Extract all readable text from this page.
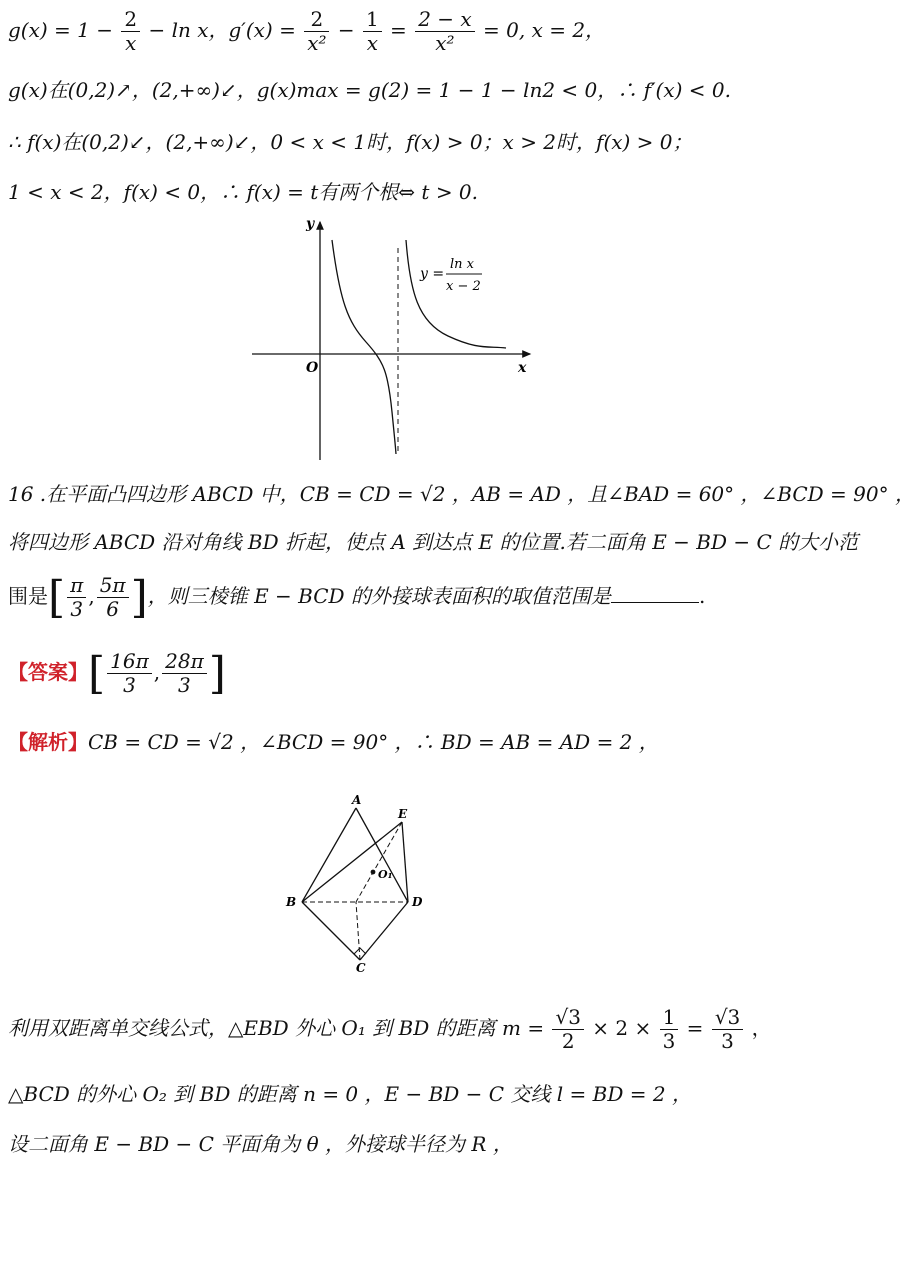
$g(x) = 1 - \frac{2}{x} - \ln x$，$g'(x) = \frac{2}{\text{x²}} - \frac{1}{x} = \frac{2 - x}{\text{x²}} = 0$, x = 2，
g(x)在(0,2)↗，(2,+∞)↙，g(x)max = g(2) = 1 − 1 − ln2 < 0，∴ f′(x) < 0.
∴ f(x)在(0,2)↙，(2,+∞)↙，0 < x < 1时，f(x) > 0；x > 2时，f(x) > 0；
1 < x < 2，f(x) < 0，∴ f(x) = t有两个根⇔ t > 0.
y
x
O
y =
ln x
x − 2
16 .在平面凸四边形 ABCD 中，CB = CD = √2 ，AB = AD ，且∠BAD = 60° ，∠BCD = 90° ，
将四边形 ABCD 沿对角线 BD 折起，使点 A 到达点 E 的位置.若二面角 E − BD − C 的大小范
围是[ $\frac{\pi}{3}$ , $\frac{5\pi}{6}$ ]，则三棱锥 E − BCD 的外接球表面积的取值范围是	.
【答案】[ $\frac{16\pi}{3}$ , $\frac{28\pi}{3}$ ]
【解析】CB = CD = √2 ，∠BCD = 90° ，∴ BD = AB = AD = 2 ，
A
E
O₁
B	D
C
利用双距离单交线公式，△EBD 外心 O₁ 到 BD 的距离 $m = \frac{√3}{2} \times 2 \times \frac{1}{3} = \frac{√3}{3}$ ，
△BCD 的外心 O₂ 到 BD 的距离 n = 0 ，E − BD − C 交线 l = BD = 2 ，
设二面角 E − BD − C 平面角为 θ ，外接球半径为 R ，
